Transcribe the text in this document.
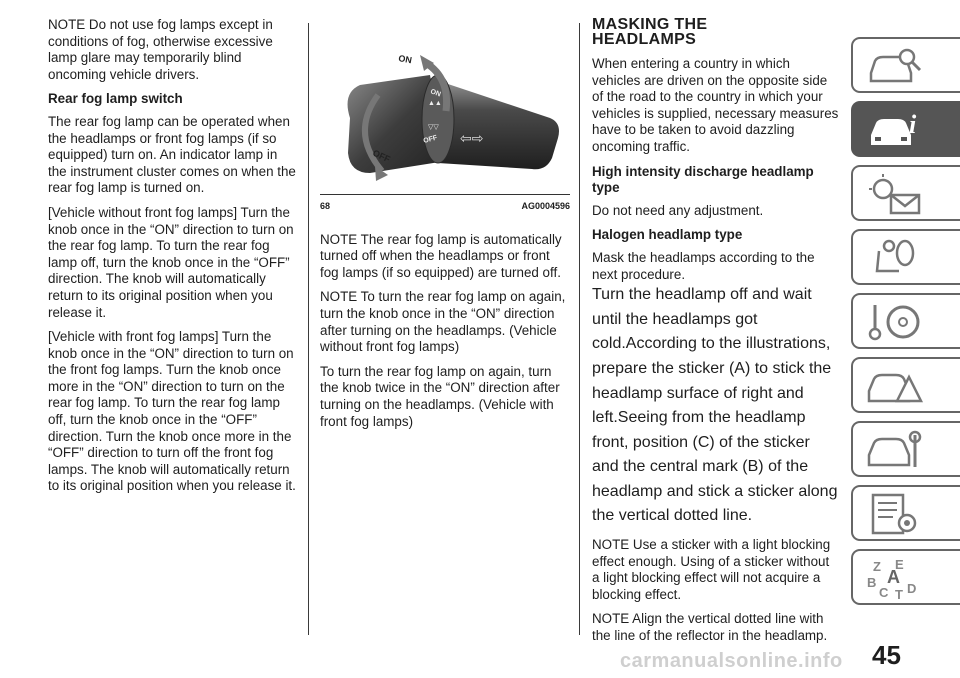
NOTE Do not use fog lamps except in conditions of fog, otherwise excessive lamp glare may temporarily blind oncoming vehicle drivers.

Rear fog lamp switch

The rear fog lamp can be operated when the headlamps or front fog lamps (if so equipped) turn on. An indicator lamp in the instrument cluster comes on when the rear fog lamp is turned on.

[Vehicle without front fog lamps] Turn the knob once in the “ON” direction to turn on the rear fog lamp. To turn the rear fog lamp off, turn the knob once in the “OFF” direction. The knob will automatically return to its original position when you release it.

[Vehicle with front fog lamps] Turn the knob once in the “ON” direction to turn on the front fog lamps. Turn the knob once more in the “ON” direction to turn on the rear fog lamp. To turn the rear fog lamp off, turn the knob once in the “OFF” direction. Turn the knob once more in the “OFF” direction to turn off the front fog lamps. The knob will automatically return to its original position when you release it.

⇦⇨
ON
OFF
ON
OFF
▲▲
▽▽
68	AG0004596

NOTE The rear fog lamp is automatically turned off when the headlamps or front fog lamps (if so equipped) are turned off.

NOTE To turn the rear fog lamp on again, turn the knob once in the “ON” direction after turning on the headlamps. (Vehicle without front fog lamps)

To turn the rear fog lamp on again, turn the knob twice in the “ON” direction after turning on the headlamps. (Vehicle with front fog lamps)

MASKING THE
HEADLAMPS

When entering a country in which vehicles are driven on the opposite side of the road to the country in which your vehicles is supplied, necessary measures have to be taken to avoid dazzling oncoming traffic.

High intensity discharge headlamp type

Do not need any adjustment.

Halogen headlamp type

Mask the headlamps according to the next procedure.

Turn the headlamp off and wait until the headlamps got cold.According to the illustrations, prepare the sticker (A) to stick the headlamp surface of right and left.Seeing from the headlamp front, position (C) of the sticker and the central mark (B) of the headlamp and stick a sticker along the vertical dotted line.

NOTE Use a sticker with a light blocking effect enough. Using of a sticker without a light blocking effect will not acquire a blocking effect.

NOTE Align the vertical dotted line with the line of the reflector in the headlamp.

i
Z E
A
B
C D
T
45
carmanualsonline.info
